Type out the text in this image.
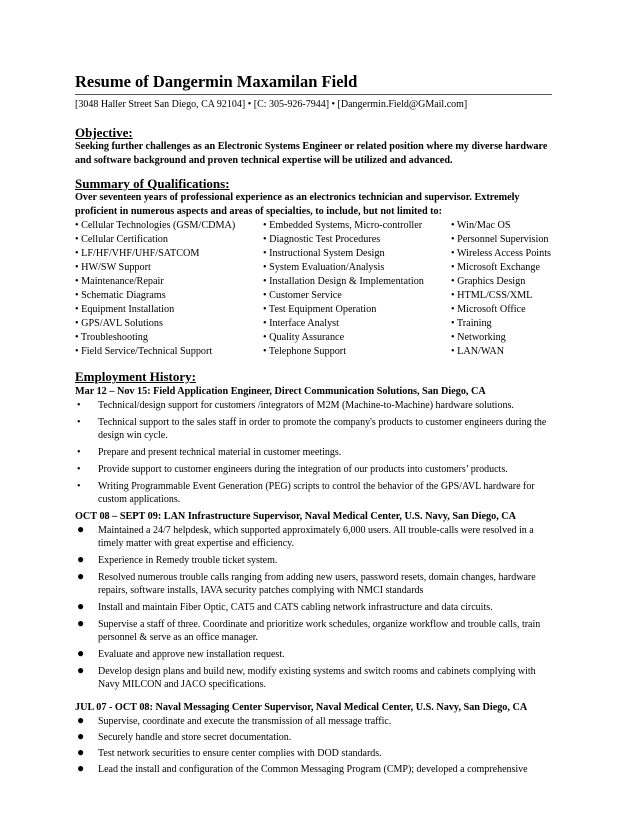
Resume of Dangermin Maxamilan Field
[3048 Haller Street San Diego, CA 92104] • [C: 305-926-7944] • [Dangermin.Field@GMail.com]
Objective:
Seeking further challenges as an Electronic Systems Engineer or related position where my diverse hardware and software background and proven technical expertise will be utilized and advanced.
Summary of Qualifications:
Over seventeen years of professional experience as an electronics technician and supervisor. Extremely proficient in numerous aspects and areas of specialties, to include, but not limited to:
• Cellular Technologies (GSM/CDMA)	• Embedded Systems, Micro-controller	• Win/Mac OS
• Cellular Certification	• Diagnostic Test Procedures	• Personnel Supervision
• LF/HF/VHF/UHF/SATCOM	• Instructional System Design	• Wireless Access Points
• HW/SW Support	• System Evaluation/Analysis	• Microsoft Exchange
• Maintenance/Repair	• Installation Design & Implementation	• Graphics Design
• Schematic Diagrams	• Customer Service	• HTML/CSS/XML
• Equipment Installation	• Test Equipment Operation	• Microsoft Office
• GPS/AVL Solutions	• Interface Analyst	• Training
• Troubleshooting	• Quality Assurance	• Networking
• Field Service/Technical Support	• Telephone Support	• LAN/WAN
Employment History:
Mar 12 – Nov 15: Field Application Engineer, Direct Communication Solutions, San Diego, CA
• Technical/design support for customers /integrators of M2M (Machine-to-Machine) hardware solutions.
• Technical support to the sales staff in order to promote the company's products to customer engineers during the design win cycle.
• Prepare and present technical material in customer meetings.
• Provide support to customer engineers during the integration of our products into customers’ products.
• Writing Programmable Event Generation (PEG) scripts to control the behavior of the GPS/AVL hardware for custom applications.
OCT 08 – SEPT 09: LAN Infrastructure Supervisor, Naval Medical Center, U.S. Navy, San Diego, CA
● Maintained a 24/7 helpdesk, which supported approximately 6,000 users. All trouble-calls were resolved in a timely matter with great expertise and efficiency.
● Experience in Remedy trouble ticket system.
● Resolved numerous trouble calls ranging from adding new users, password resets, domain changes, hardware repairs, software installs, IAVA security patches complying with NMCI standards
● Install and maintain Fiber Optic, CAT5 and CATS cabling network infrastructure and data circuits.
● Supervise a staff of three. Coordinate and prioritize work schedules, organize workflow and trouble calls, train personnel & serve as an office manager.
● Evaluate and approve new installation request.
● Develop design plans and build new, modify existing systems and switch rooms and cabinets complying with Navy MILCON and JACO specifications.
JUL 07 - OCT 08: Naval Messaging Center Supervisor, Naval Medical Center, U.S. Navy, San Diego, CA
● Supervise, coordinate and execute the transmission of all message traffic.
● Securely handle and store secret documentation.
● Test network securities to ensure center complies with DOD standards.
● Lead the install and configuration of the Common Messaging Program (CMP); developed a comprehensive
